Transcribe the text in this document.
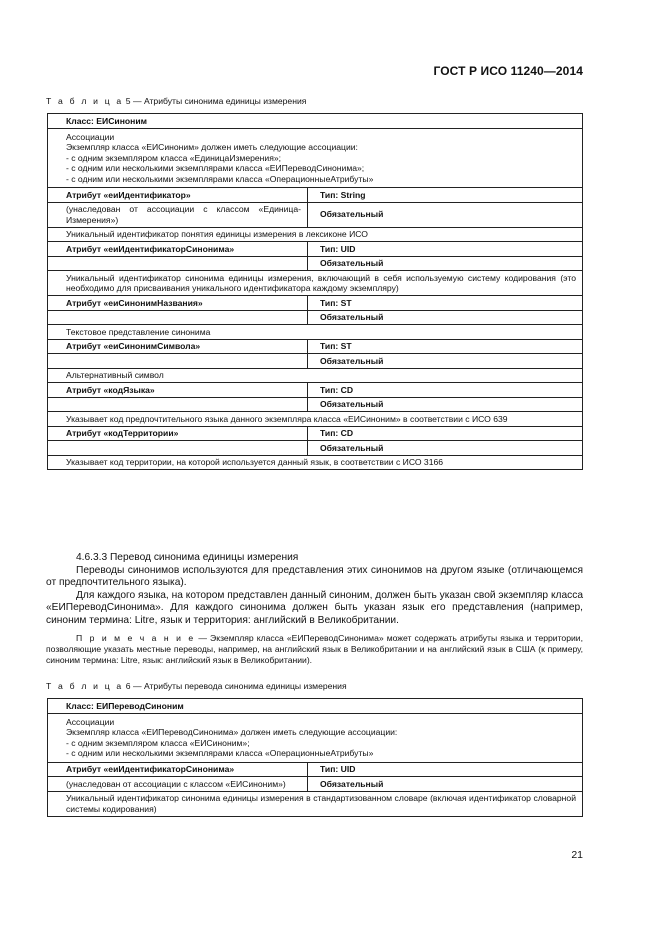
ГОСТ Р ИСО 11240—2014
Т а б л и ц а 5 — Атрибуты синонима единицы измерения
Класс: ЕИСиноним	

Ассоциации
Экземпляр класса «ЕИСиноним» должен иметь следующие ассоциации:
- с одним экземпляром класса «ЕдиницаИзмерения»;
- с одним или несколькими экземплярами класса «ЕИПереводСинонима»;
- с одним или несколькими экземплярами класса «ОперационныеАтрибуты»	

Атрибут «еиИдентификатор»	Тип: String
(унаследован от ассоциации с классом «Единица-Измерения»)	Обязательный
Уникальный идентификатор понятия единицы измерения в лексиконе ИСО	
Атрибут «еиИдентификаторСинонима»	Тип: UID
	Обязательный
Уникальный идентификатор синонима единицы измерения, включающий в себя используемую систему кодирования (это необходимо для присваивания уникального идентификатора каждому экземпляру)	
Атрибут «еиСинонимНазвания»	Тип: ST
	Обязательный
Текстовое представление синонима	
Атрибут «еиСинонимСимвола»	Тип: ST
	Обязательный
Альтернативный символ	
Атрибут «кодЯзыка»	Тип: CD
	Обязательный
Указывает код предпочтительного языка данного экземпляра класса «ЕИСиноним» в соответствии с ИСО 639	
Атрибут «кодТерритории»	Тип: CD
	Обязательный
Указывает код территории, на которой используется данный язык, в соответствии с ИСО 3166	

4.6.3.3 Перевод синонима единицы измерения

Переводы синонимов используются для представления этих синонимов на другом языке (отличающемся от предпочтительного языка).

Для каждого языка, на котором представлен данный синоним, должен быть указан свой экземпляр класса «ЕИПереводСинонима». Для каждого синонима должен быть указан язык его представления (например, синоним термина: Litre, язык и территория: английский в Великобритании.

П р и м е ч а н и е — Экземпляр класса «ЕИПереводСинонима» может содержать атрибуты языка и территории, позволяющие указать местные переводы, например, на английский язык в Великобритании и на английский язык в США (к примеру, синоним термина: Litre, язык: английский язык в Великобритании).

Т а б л и ц а 6 — Атрибуты перевода синонима единицы измерения
Класс: ЕИПереводСиноним	

Ассоциации
Экземпляр класса «ЕИПереводСинонима» должен иметь следующие ассоциации:
- с одним экземпляром класса «ЕИСиноним»;
- с одним или несколькими экземплярами класса «ОперационныеАтрибуты»	

Атрибут «еиИдентификаторСинонима»	Тип: UID
(унаследован от ассоциации с классом «ЕИСиноним»)	Обязательный
Уникальный идентификатор синонима единицы измерения в стандартизованном словаре (включая идентификатор словарной системы кодирования)	
21
